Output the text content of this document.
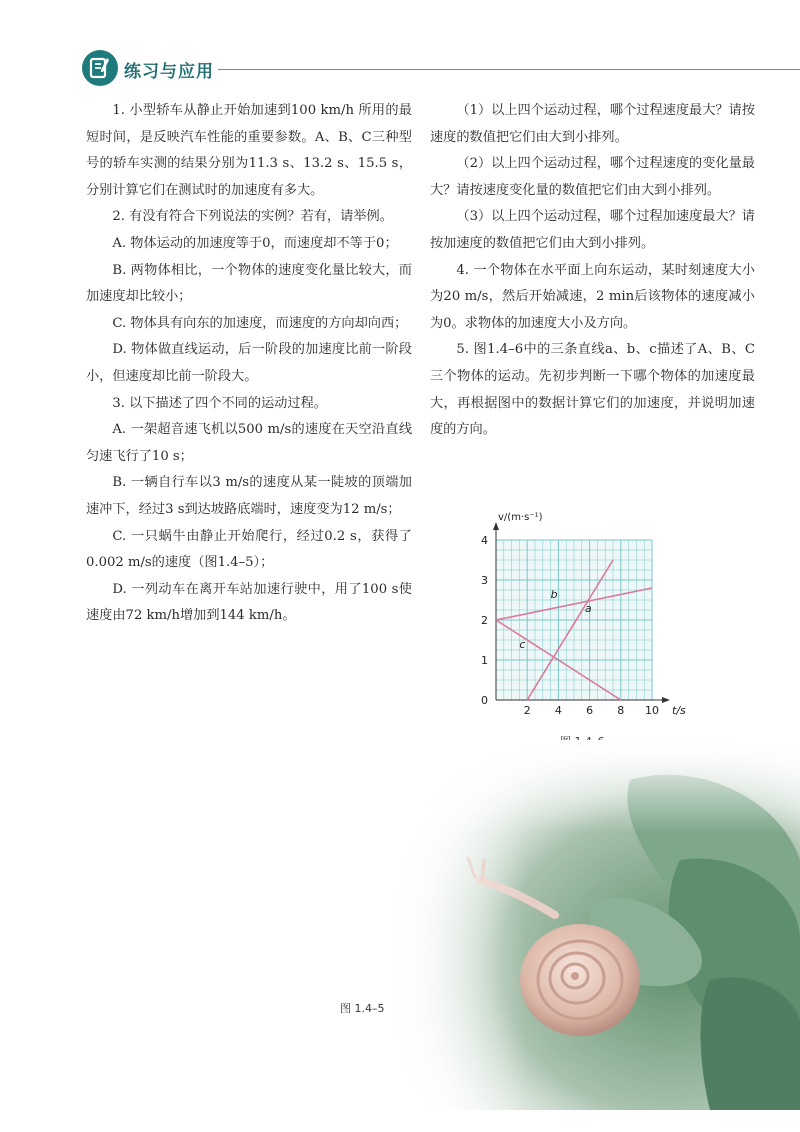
练习与应用

1. 小型轿车从静止开始加速到100 km/h 所用的最短时间，是反映汽车性能的重要参数。A、B、C三种型号的轿车实测的结果分别为11.3 s、13.2 s、15.5 s，分别计算它们在测试时的加速度有多大。

2. 有没有符合下列说法的实例？若有，请举例。

A. 物体运动的加速度等于0，而速度却不等于0；

B. 两物体相比，一个物体的速度变化量比较大，而加速度却比较小；

C. 物体具有向东的加速度，而速度的方向却向西；

D. 物体做直线运动，后一阶段的加速度比前一阶段小，但速度却比前一阶段大。

3. 以下描述了四个不同的运动过程。

A. 一架超音速飞机以500 m/s的速度在天空沿直线匀速飞行了10 s；

B. 一辆自行车以3 m/s的速度从某一陡坡的顶端加速冲下，经过3 s到达坡路底端时，速度变为12 m/s；

C. 一只蜗牛由静止开始爬行，经过0.2 s，获得了0.002 m/s的速度（图1.4–5）；

D. 一列动车在离开车站加速行驶中，用了100 s使速度由72 km/h增加到144 km/h。

（1）以上四个运动过程，哪个过程速度最大？请按速度的数值把它们由大到小排列。

（2）以上四个运动过程，哪个过程速度的变化量最大？请按速度变化量的数值把它们由大到小排列。

（3）以上四个运动过程，哪个过程加速度最大？请按加速度的数值把它们由大到小排列。

4. 一个物体在水平面上向东运动，某时刻速度大小为20 m/s，然后开始减速，2 min后该物体的速度减小为0。求物体的加速度大小及方向。

5. 图1.4–6中的三条直线a、b、c描述了A、B、C三个物体的运动。先初步判断一下哪个物体的加速度最大，再根据图中的数据计算它们的加速度，并说明加速度的方向。

2 4 6 8 10
1
2
3
4
0
t/s
v/(m·s⁻¹)
a
b
c
图 1.4–5
